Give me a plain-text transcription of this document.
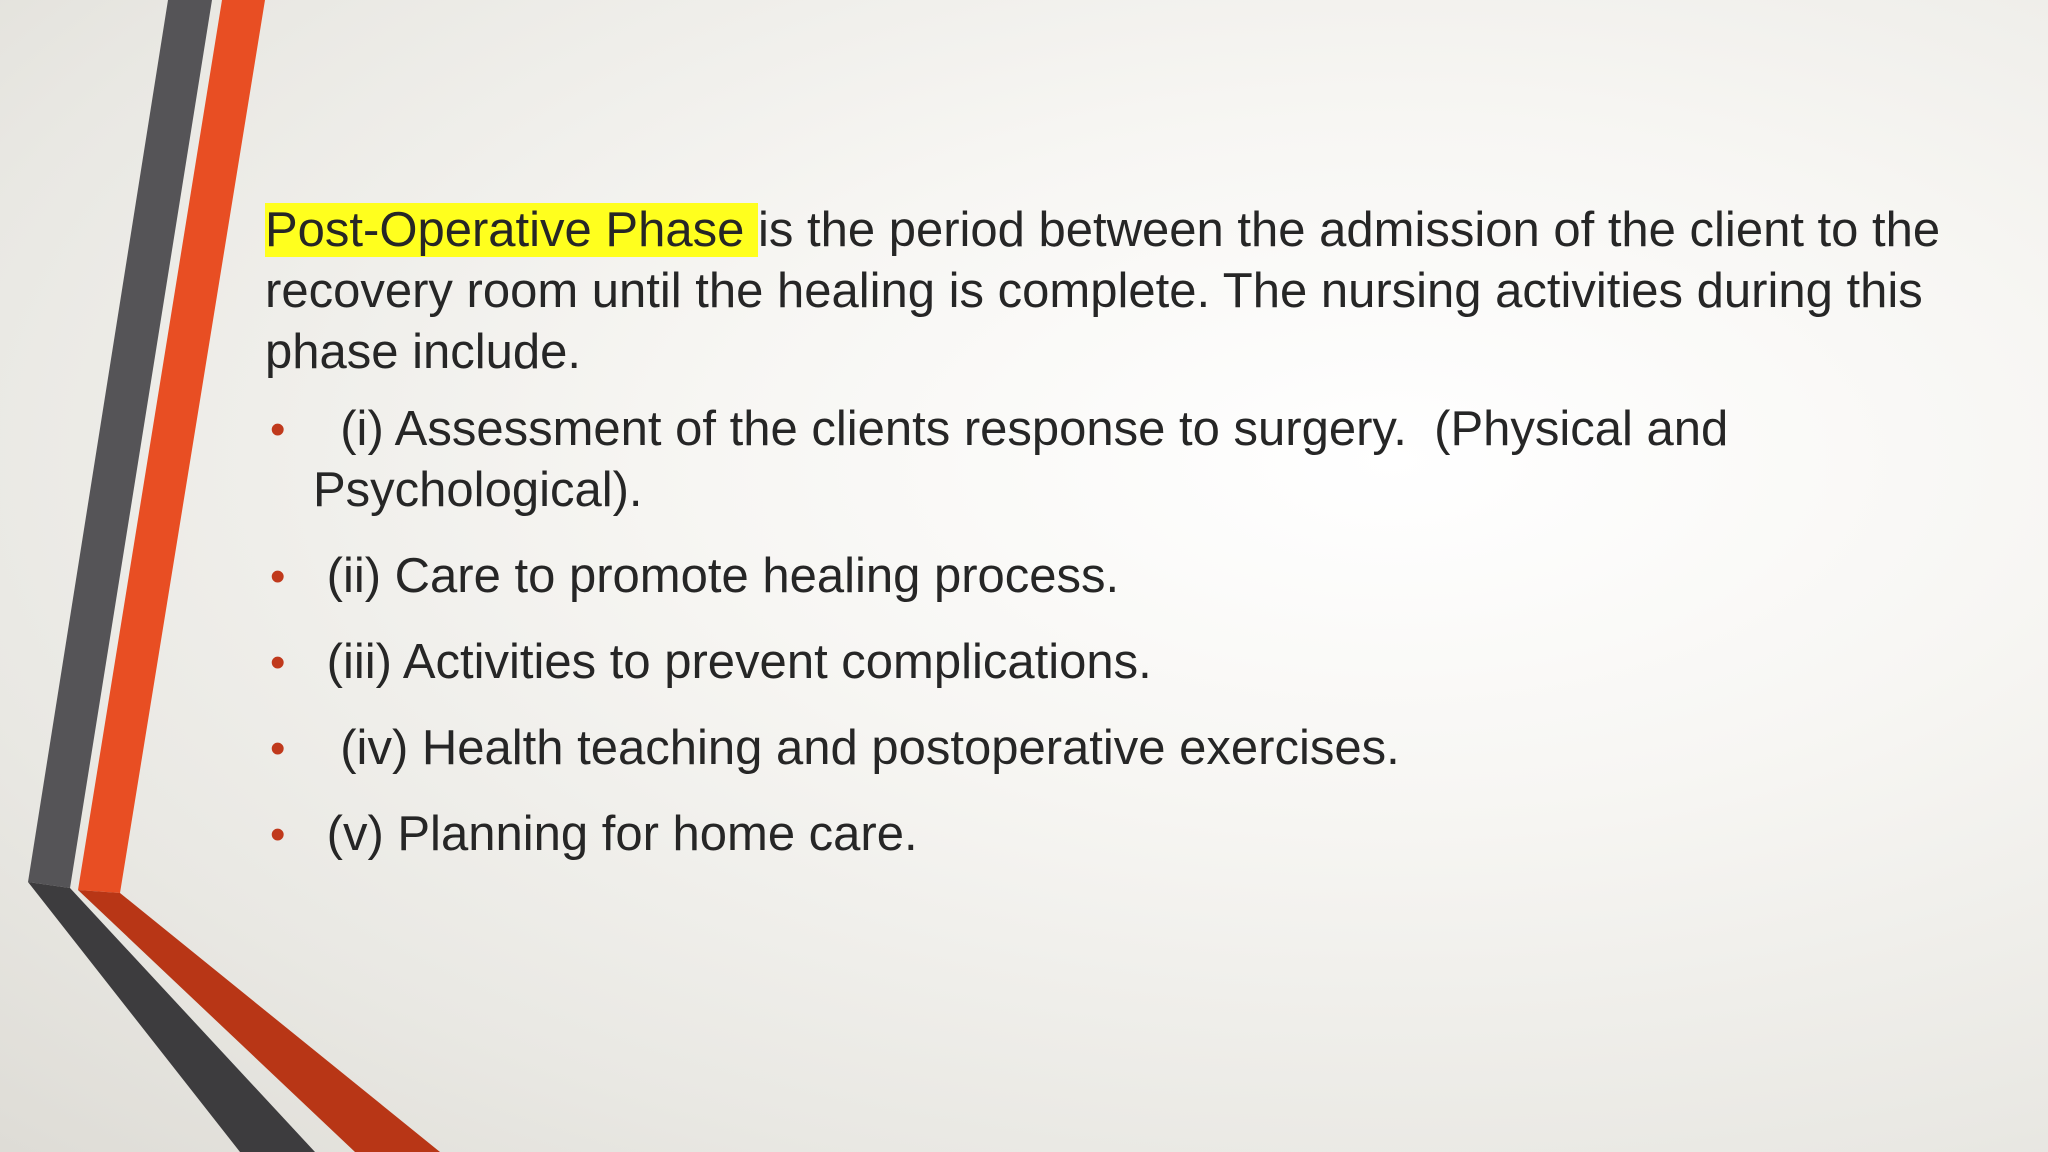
Post-Operative Phase is the period between the admission of the client to the recovery room until the healing is complete. The nursing activities during this phase include.

• (i) Assessment of the clients response to surgery.  (Physical and Psychological).
• (ii) Care to promote healing process.
• (iii) Activities to prevent complications.
• (iv) Health teaching and postoperative exercises.
• (v) Planning for home care.
